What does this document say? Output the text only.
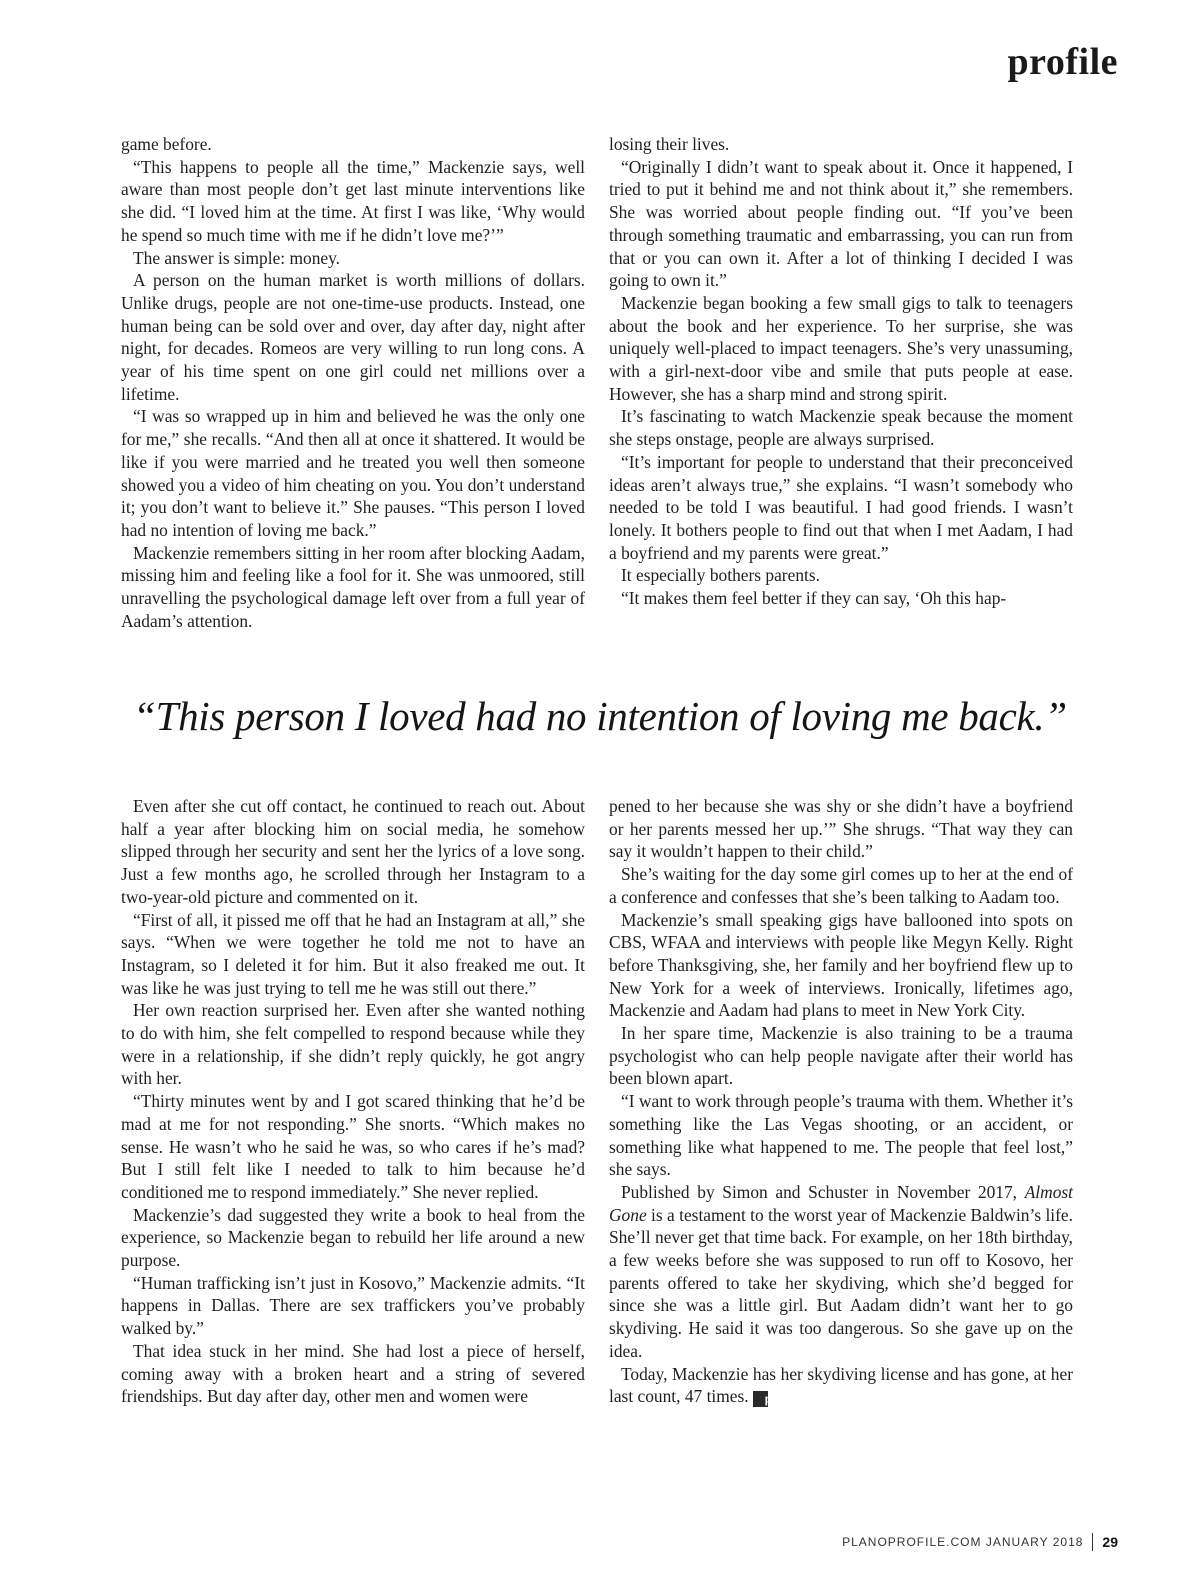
profile

game before.

“This happens to people all the time,” Mackenzie says, well aware than most people don’t get last minute interventions like she did. “I loved him at the time. At first I was like, ‘Why would he spend so much time with me if he didn’t love me?’”

The answer is simple: money.

A person on the human market is worth millions of dollars. Unlike drugs, people are not one-time-use products. Instead, one human being can be sold over and over, day after day, night after night, for decades. Romeos are very willing to run long cons. A year of his time spent on one girl could net millions over a lifetime.

“I was so wrapped up in him and believed he was the only one for me,” she recalls. “And then all at once it shattered. It would be like if you were married and he treated you well then someone showed you a video of him cheating on you. You don’t understand it; you don’t want to believe it.” She pauses. “This person I loved had no intention of loving me back.”

Mackenzie remembers sitting in her room after blocking Aadam, missing him and feeling like a fool for it. She was unmoored, still unravelling the psychological damage left over from a full year of Aadam’s attention.

losing their lives.

“Originally I didn’t want to speak about it. Once it happened, I tried to put it behind me and not think about it,” she remembers. She was worried about people finding out. “If you’ve been through something traumatic and embarrassing, you can run from that or you can own it. After a lot of thinking I decided I was going to own it.”

Mackenzie began booking a few small gigs to talk to teenagers about the book and her experience. To her surprise, she was uniquely well-placed to impact teenagers. She’s very unassuming, with a girl-next-door vibe and smile that puts people at ease. However, she has a sharp mind and strong spirit.

It’s fascinating to watch Mackenzie speak because the moment she steps onstage, people are always surprised.

“It’s important for people to understand that their preconceived ideas aren’t always true,” she explains. “I wasn’t somebody who needed to be told I was beautiful. I had good friends. I wasn’t lonely. It bothers people to find out that when I met Aadam, I had a boyfriend and my parents were great.”

It especially bothers parents.

“It makes them feel better if they can say, ‘Oh this hap-

“This person I loved had no intention of loving me back.”

Even after she cut off contact, he continued to reach out. About half a year after blocking him on social media, he somehow slipped through her security and sent her the lyrics of a love song. Just a few months ago, he scrolled through her Instagram to a two-year-old picture and commented on it.

“First of all, it pissed me off that he had an Instagram at all,” she says. “When we were together he told me not to have an Instagram, so I deleted it for him. But it also freaked me out. It was like he was just trying to tell me he was still out there.”

Her own reaction surprised her. Even after she wanted nothing to do with him, she felt compelled to respond because while they were in a relationship, if she didn’t reply quickly, he got angry with her.

“Thirty minutes went by and I got scared thinking that he’d be mad at me for not responding.” She snorts. “Which makes no sense. He wasn’t who he said he was, so who cares if he’s mad? But I still felt like I needed to talk to him because he’d conditioned me to respond immediately.” She never replied.

Mackenzie’s dad suggested they write a book to heal from the experience, so Mackenzie began to rebuild her life around a new purpose.

“Human trafficking isn’t just in Kosovo,” Mackenzie admits. “It happens in Dallas. There are sex traffickers you’ve probably walked by.”

That idea stuck in her mind. She had lost a piece of herself, coming away with a broken heart and a string of severed friendships. But day after day, other men and women were

pened to her because she was shy or she didn’t have a boyfriend or her parents messed her up.’” She shrugs. “That way they can say it wouldn’t happen to their child.”

She’s waiting for the day some girl comes up to her at the end of a conference and confesses that she’s been talking to Aadam too.

Mackenzie’s small speaking gigs have ballooned into spots on CBS, WFAA and interviews with people like Megyn Kelly. Right before Thanksgiving, she, her family and her boyfriend flew up to New York for a week of interviews. Ironically, lifetimes ago, Mackenzie and Aadam had plans to meet in New York City.

In her spare time, Mackenzie is also training to be a trauma psychologist who can help people navigate after their world has been blown apart.

“I want to work through people’s trauma with them. Whether it’s something like the Las Vegas shooting, or an accident, or something like what happened to me. The people that feel lost,” she says.

Published by Simon and Schuster in November 2017, Almost Gone is a testament to the worst year of Mackenzie Baldwin’s life. She’ll never get that time back. For example, on her 18th birthday, a few weeks before she was supposed to run off to Kosovo, her parents offered to take her skydiving, which she’d begged for since she was a little girl. But Aadam didn’t want her to go skydiving. He said it was too dangerous. So she gave up on the idea.

Today, Mackenzie has her skydiving license and has gone, at her last count, 47 times. p

PLANOPROFILE.COM
JANUARY 2018 29
